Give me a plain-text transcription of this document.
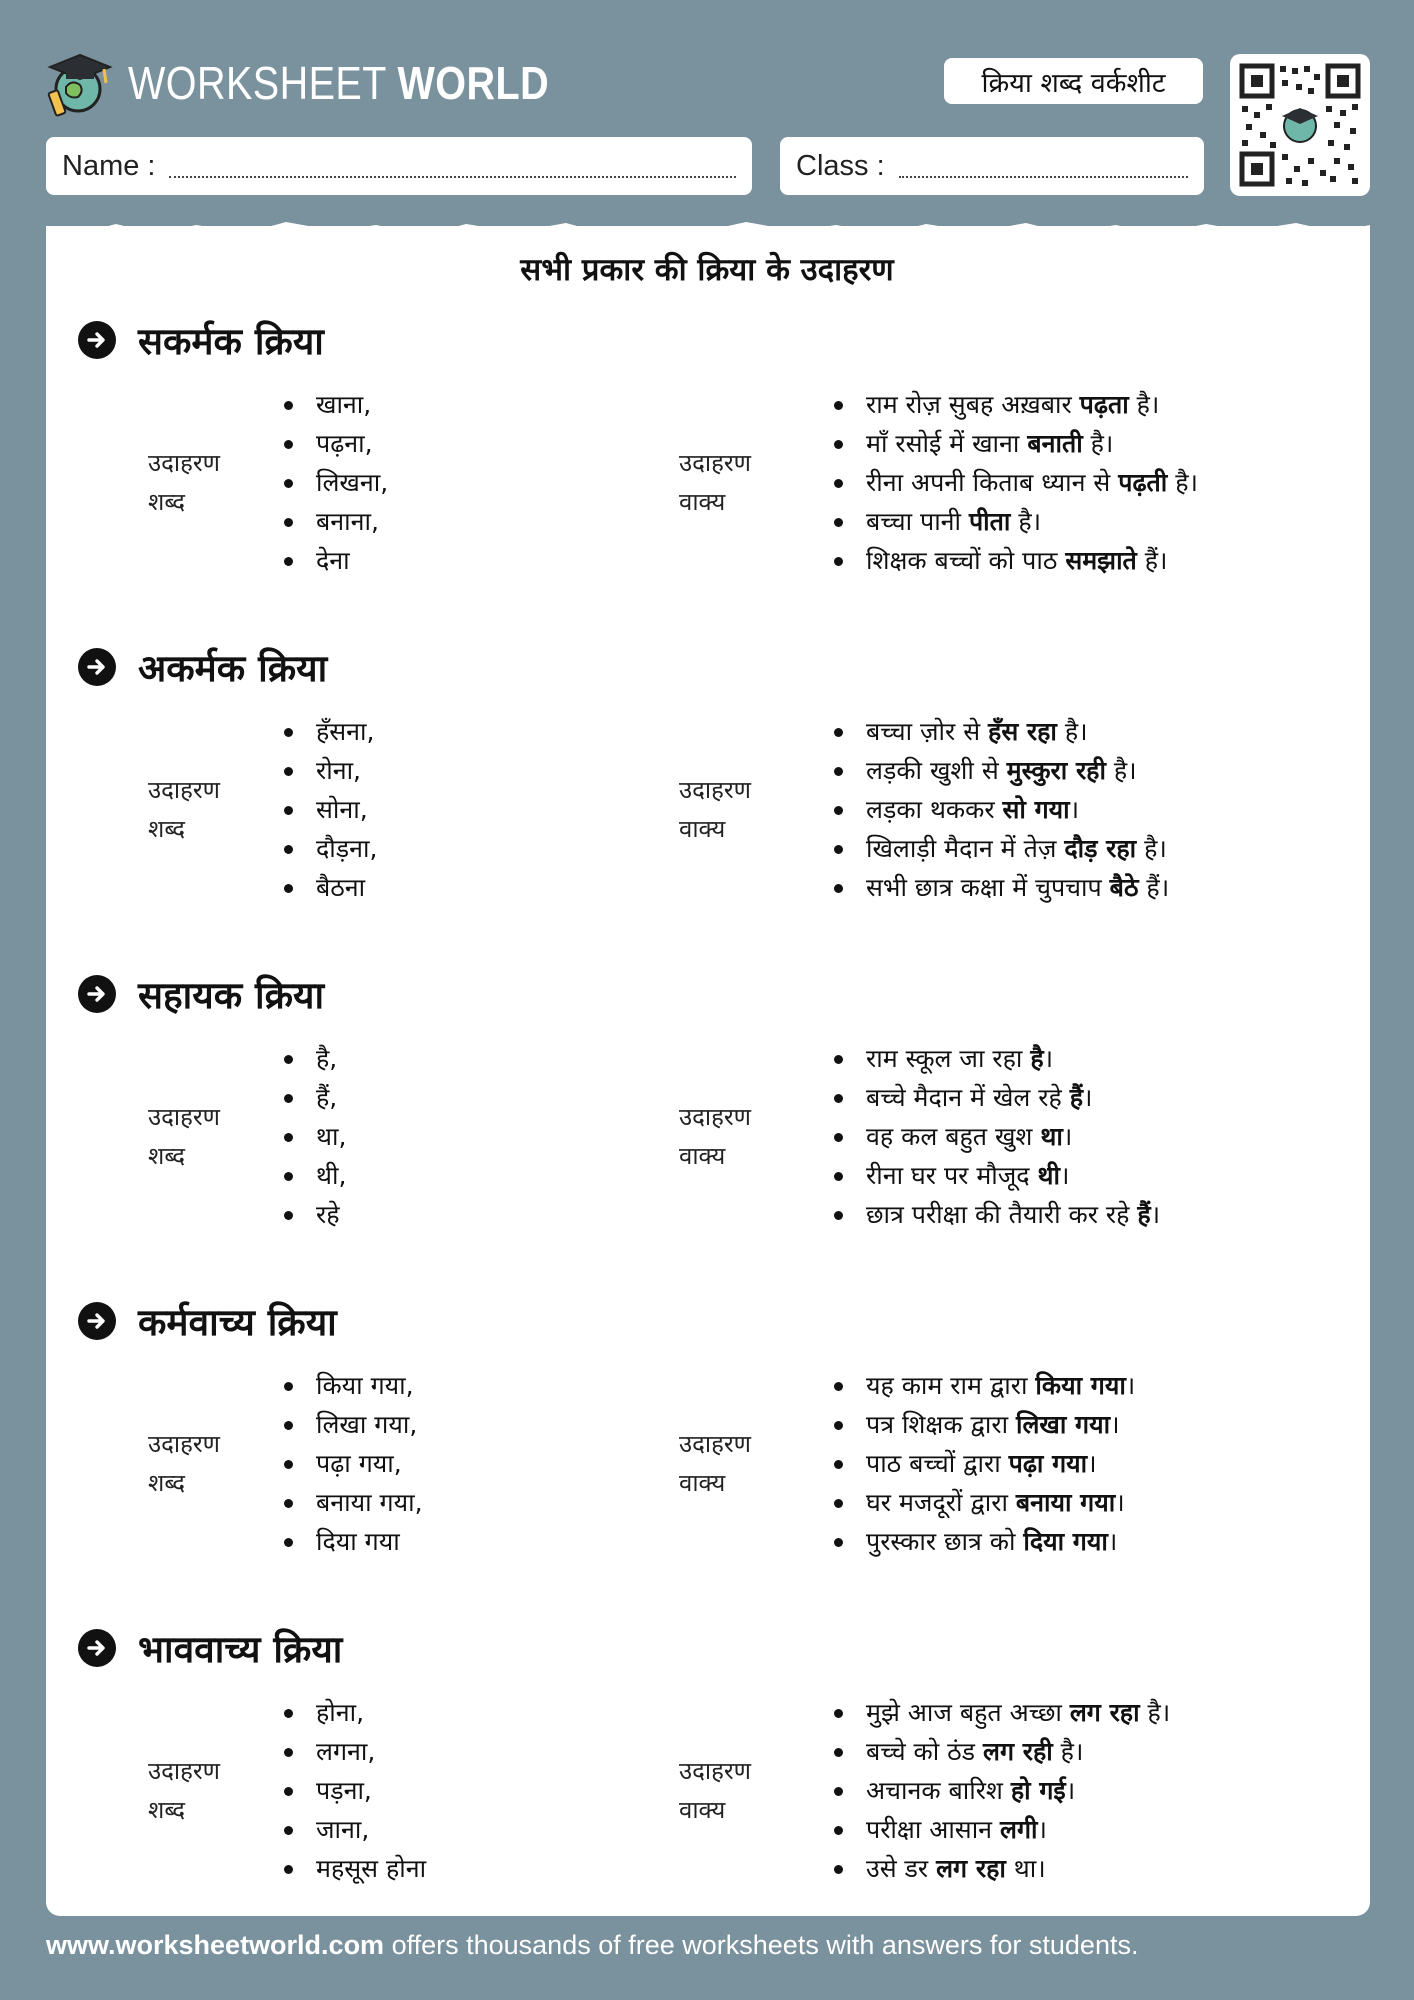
WORKSHEET WORLD	क्रिया शब्द वर्कशीट
Name :	Class :
सभी प्रकार की क्रिया के उदाहरण
सकर्मक क्रिया
उदाहरण
शब्द
उदाहरण
वाक्य
खाना,
पढ़ना,
लिखना,
बनाना,
देना
राम रोज़ सुबह अख़बार पढ़ता है।
माँ रसोई में खाना बनाती है।
रीना अपनी किताब ध्यान से पढ़ती है।
बच्चा पानी पीता है।
शिक्षक बच्चों को पाठ समझाते हैं।
अकर्मक क्रिया
उदाहरण
शब्द
उदाहरण
वाक्य
हँसना,
रोना,
सोना,
दौड़ना,
बैठना
बच्चा ज़ोर से हँस रहा है।
लड़की खुशी से मुस्कुरा रही है।
लड़का थककर सो गया।
खिलाड़ी मैदान में तेज़ दौड़ रहा है।
सभी छात्र कक्षा में चुपचाप बैठे हैं।
सहायक क्रिया
उदाहरण
शब्द
उदाहरण
वाक्य
है,
हैं,
था,
थी,
रहे
राम स्कूल जा रहा है।
बच्चे मैदान में खेल रहे हैं।
वह कल बहुत खुश था।
रीना घर पर मौजूद थी।
छात्र परीक्षा की तैयारी कर रहे हैं।
कर्मवाच्य क्रिया
उदाहरण
शब्द
उदाहरण
वाक्य
किया गया,
लिखा गया,
पढ़ा गया,
बनाया गया,
दिया गया
यह काम राम द्वारा किया गया।
पत्र शिक्षक द्वारा लिखा गया।
पाठ बच्चों द्वारा पढ़ा गया।
घर मजदूरों द्वारा बनाया गया।
पुरस्कार छात्र को दिया गया।
भाववाच्य क्रिया
उदाहरण
शब्द
उदाहरण
वाक्य
होना,
लगना,
पड़ना,
जाना,
महसूस होना
मुझे आज बहुत अच्छा लग रहा है।
बच्चे को ठंड लग रही है।
अचानक बारिश हो गई।
परीक्षा आसान लगी।
उसे डर लग रहा था।
www.worksheetworld.com offers thousands of free worksheets with answers for students.
